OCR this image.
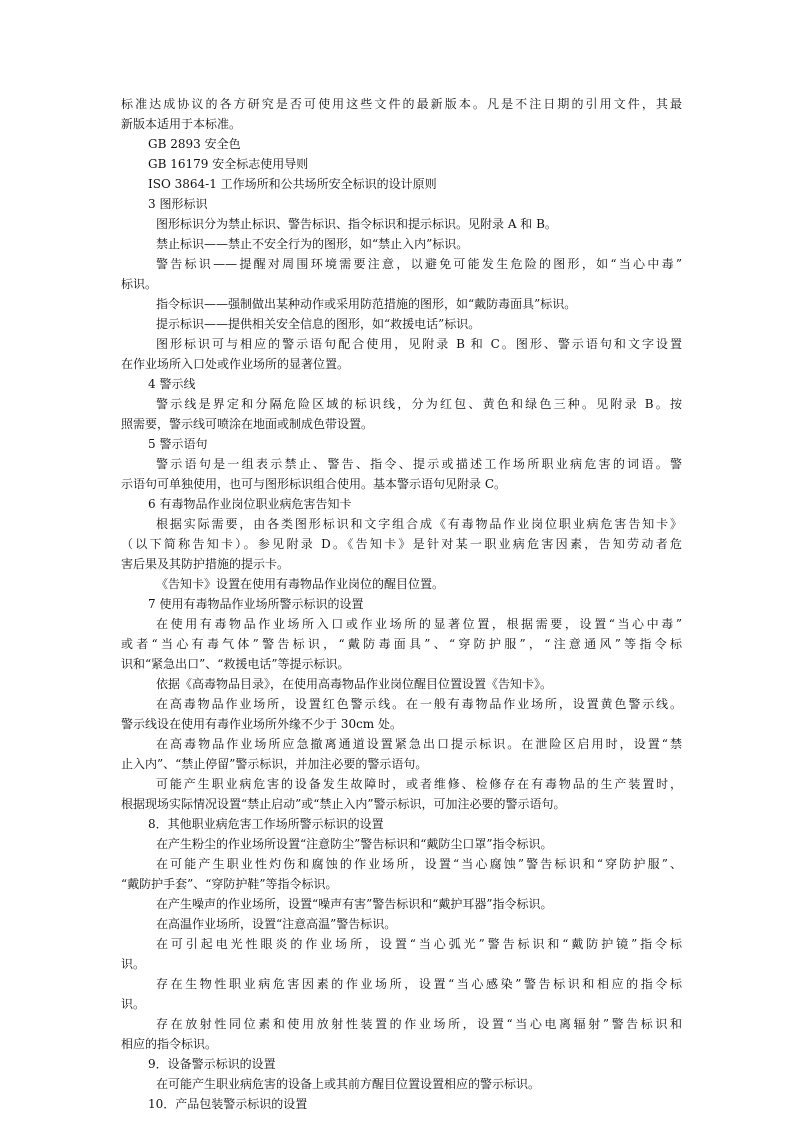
标准达成协议的各方研究是否可使用这些文件的最新版本。凡是不注日期的引用文件，其最
新版本适用于本标准。
GB 2893 安全色
GB 16179 安全标志使用导则
ISO 3864-1 工作场所和公共场所安全标识的设计原则
3 图形标识
图形标识分为禁止标识、警告标识、指令标识和提示标识。见附录 A 和 B。
禁止标识——禁止不安全行为的图形，如“禁止入内”标识。
警告标识——提醒对周围环境需要注意，以避免可能发生危险的图形，如“当心中毒”
标识。
指令标识——强制做出某种动作或采用防范措施的图形，如“戴防毒面具”标识。
提示标识——提供相关安全信息的图形，如“救援电话”标识。
图形标识可与相应的警示语句配合使用，见附录 B 和 C。图形、警示语句和文字设置
在作业场所入口处或作业场所的显著位置。
4 警示线
警示线是界定和分隔危险区域的标识线，分为红包、黄色和绿色三种。见附录 B。按
照需要，警示线可喷涂在地面或制成色带设置。
5 警示语句
警示语句是一组表示禁止、警告、指令、提示或描述工作场所职业病危害的词语。警
示语句可单独使用，也可与图形标识组合使用。基本警示语句见附录 C。
6 有毒物品作业岗位职业病危害告知卡
根据实际需要，由各类图形标识和文字组合成《有毒物品作业岗位职业病危害告知卡》
（以下简称告知卡）。参见附录 D。《告知卡》是针对某一职业病危害因素，告知劳动者危
害后果及其防护措施的提示卡。
《告知卡》设置在使用有毒物品作业岗位的醒目位置。
7 使用有毒物品作业场所警示标识的设置
在使用有毒物品作业场所入口或作业场所的显著位置，根据需要，设置“当心中毒”
或者“当心有毒气体”警告标识，“戴防毒面具”、“穿防护服”，“注意通风”等指令标
识和“紧急出口”、“救援电话”等提示标识。
依据《高毒物品目录》，在使用高毒物品作业岗位醒目位置设置《告知卡》。
在高毒物品作业场所，设置红色警示线。在一般有毒物品作业场所，设置黄色警示线。
警示线设在使用有毒作业场所外缘不少于 30cm 处。
在高毒物品作业场所应急撤离通道设置紧急出口提示标识。在泄险区启用时，设置“禁
止入内”、“禁止停留”警示标识，并加注必要的警示语句。
可能产生职业病危害的设备发生故障时，或者维修、检修存在有毒物品的生产装置时，
根据现场实际情况设置“禁止启动”或“禁止入内”警示标识，可加注必要的警示语句。
8．其他职业病危害工作场所警示标识的设置
在产生粉尘的作业场所设置“注意防尘”警告标识和“戴防尘口罩”指令标识。
在可能产生职业性灼伤和腐蚀的作业场所，设置“当心腐蚀”警告标识和“穿防护服”、
“戴防护手套”、“穿防护鞋”等指令标识。
在产生噪声的作业场所，设置“噪声有害”警告标识和“戴护耳器”指令标识。
在高温作业场所，设置“注意高温”警告标识。
在可引起电光性眼炎的作业场所，设置“当心弧光”警告标识和“戴防护镜”指令标
识。
存在生物性职业病危害因素的作业场所，设置“当心感染”警告标识和相应的指令标
识。
存在放射性同位素和使用放射性装置的作业场所，设置“当心电离辐射”警告标识和
相应的指令标识。
9．设备警示标识的设置
在可能产生职业病危害的设备上或其前方醒目位置设置相应的警示标识。
10．产品包装警示标识的设置
